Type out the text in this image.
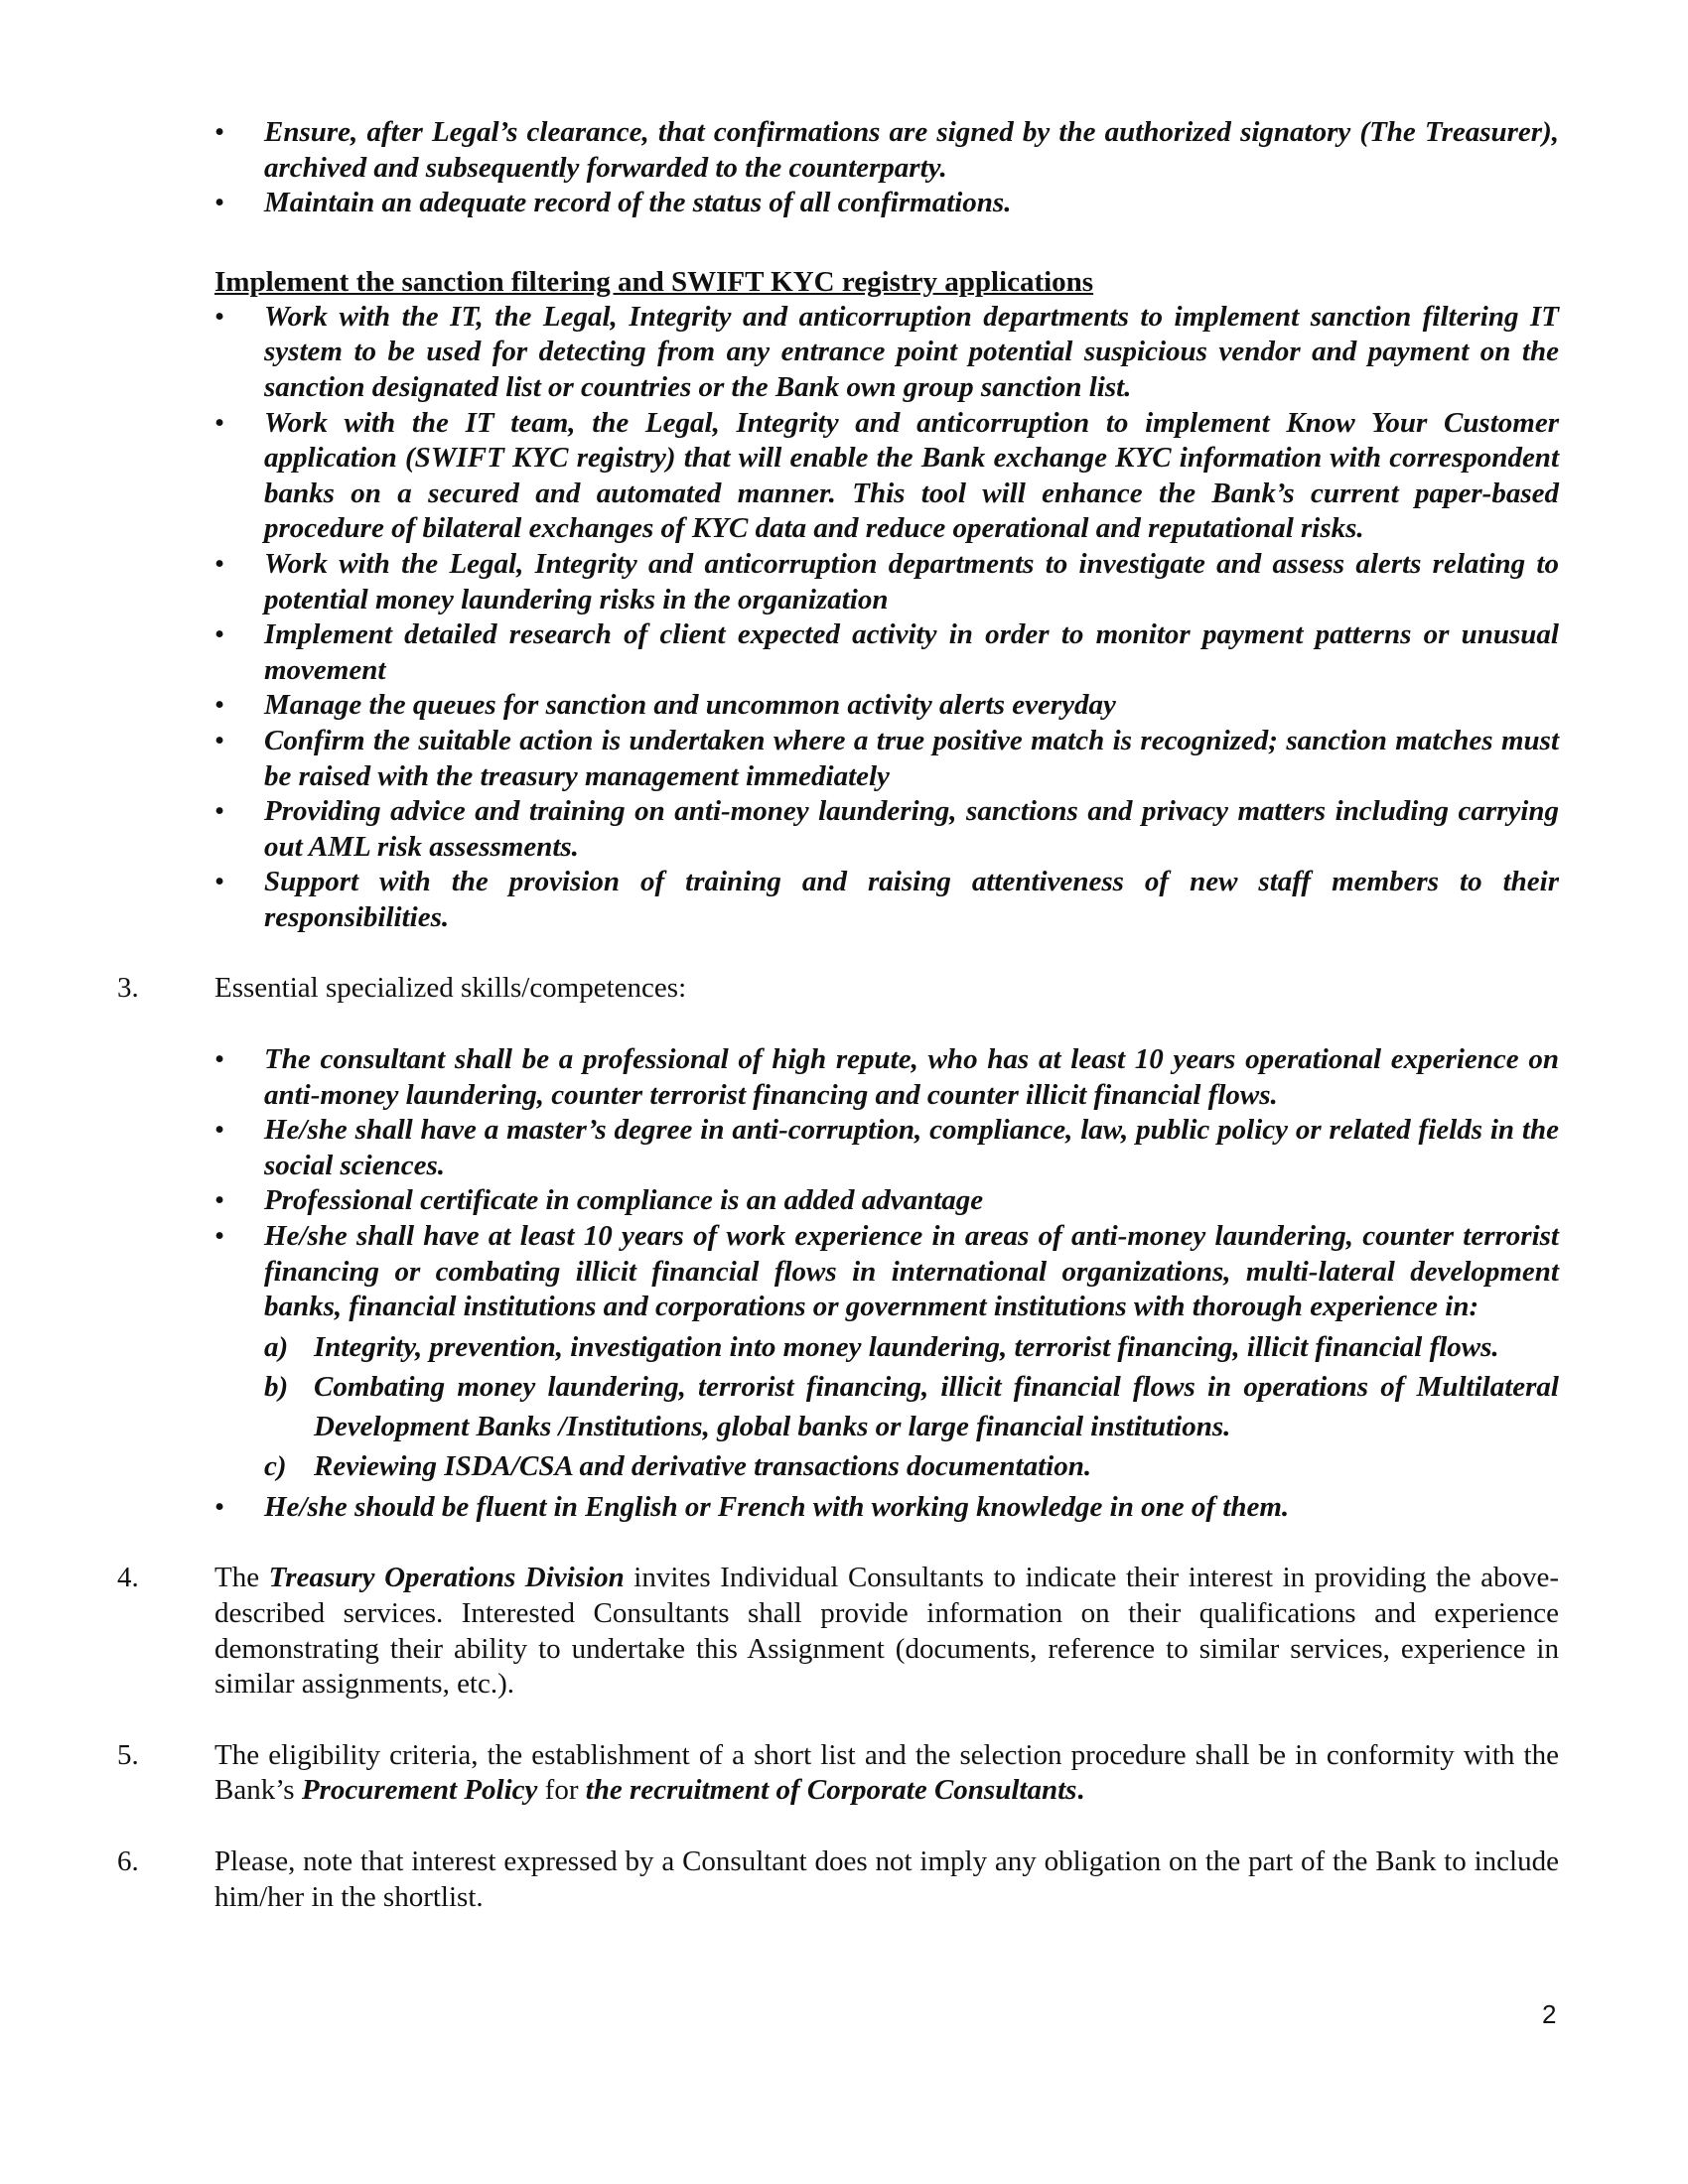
•	Ensure, after Legal’s clearance, that confirmations are signed by the authorized signatory (The Treasurer), archived and subsequently forwarded to the counterparty.
•	Maintain an adequate record of the status of all confirmations.
Implement the sanction filtering and SWIFT KYC registry applications
•	Work with the IT, the Legal, Integrity and anticorruption departments to implement sanction filtering IT system to be used for detecting from any entrance point potential suspicious vendor and payment on the sanction designated list or countries or the Bank own group sanction list.
•	Work with the IT team, the Legal, Integrity and anticorruption to implement Know Your Customer application (SWIFT KYC registry) that will enable the Bank exchange KYC information with correspondent banks on a secured and automated manner. This tool will enhance the Bank’s current paper-based procedure of bilateral exchanges of KYC data and reduce operational and reputational risks.
•	Work with the Legal, Integrity and anticorruption departments to investigate and assess alerts relating to potential money laundering risks in the organization
•	Implement detailed research of client expected activity in order to monitor payment patterns or unusual movement
•	Manage the queues for sanction and uncommon activity alerts everyday
•	Confirm the suitable action is undertaken where a true positive match is recognized; sanction matches must be raised with the treasury management immediately
•	Providing advice and training on anti-money laundering, sanctions and privacy matters including carrying out AML risk assessments.
•	Support with the provision of training and raising attentiveness of new staff members to their responsibilities.
3.	Essential specialized skills/competences:
•	The consultant shall be a professional of high repute, who has at least 10 years operational experience on anti-money laundering, counter terrorist financing and counter illicit financial flows.
•	He/she shall have a master’s degree in anti-corruption, compliance, law, public policy or related fields in the social sciences.
•	Professional certificate in compliance is an added advantage
•	He/she shall have at least 10 years of work experience in areas of anti-money laundering, counter terrorist financing or combating illicit financial flows in international organizations, multi-lateral development banks, financial institutions and corporations or government institutions with thorough experience in:
a) Integrity, prevention, investigation into money laundering, terrorist financing, illicit financial flows.
b) Combating money laundering, terrorist financing, illicit financial flows in operations of Multilateral Development Banks /Institutions, global banks or large financial institutions.
c) Reviewing ISDA/CSA and derivative transactions documentation.
•	He/she should be fluent in English or French with working knowledge in one of them.
4.	The Treasury Operations Division invites Individual Consultants to indicate their interest in providing the above-described services. Interested Consultants shall provide information on their qualifications and experience demonstrating their ability to undertake this Assignment (documents, reference to similar services, experience in similar assignments, etc.).
5.	The eligibility criteria, the establishment of a short list and the selection procedure shall be in conformity with the Bank’s Procurement Policy for the recruitment of Corporate Consultants.
6.	Please, note that interest expressed by a Consultant does not imply any obligation on the part of the Bank to include him/her in the shortlist.
2
